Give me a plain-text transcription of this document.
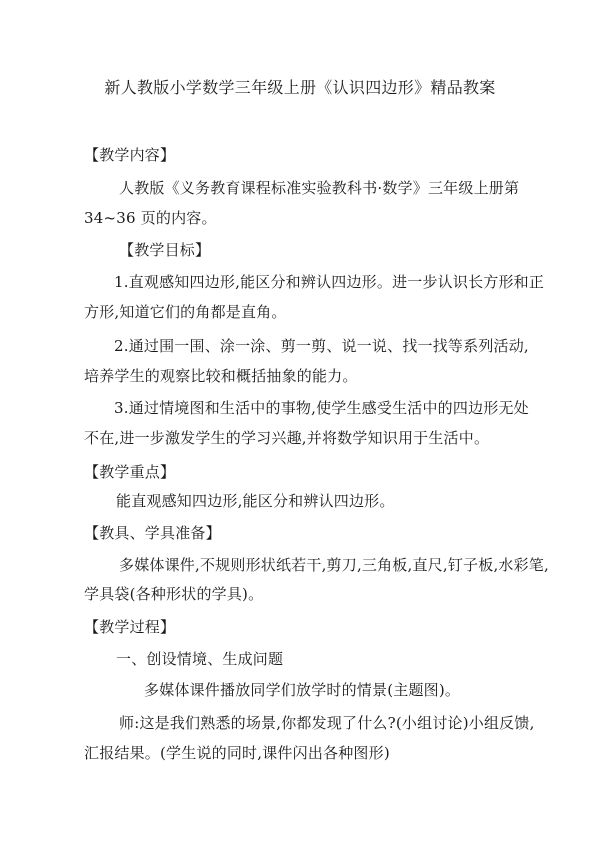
新人教版小学数学三年级上册《认识四边形》精品教案
【教学内容】
人教版《义务教育课程标准实验教科书·数学》三年级上册第
34~36 页的内容。
【教学目标】
1.直观感知四边形,能区分和辨认四边形。进一步认识长方形和正
方形,知道它们的角都是直角。
2.通过围一围、涂一涂、剪一剪、说一说、找一找等系列活动,
培养学生的观察比较和概括抽象的能力。
3.通过情境图和生活中的事物,使学生感受生活中的四边形无处
不在,进一步激发学生的学习兴趣,并将数学知识用于生活中。
【教学重点】
能直观感知四边形,能区分和辨认四边形。
【教具、学具准备】
多媒体课件,不规则形状纸若干,剪刀,三角板,直尺,钉子板,水彩笔,
学具袋(各种形状的学具)。
【教学过程】
一、创设情境、生成问题
多媒体课件播放同学们放学时的情景(主题图)。
师:这是我们熟悉的场景,你都发现了什么?(小组讨论)小组反馈,
汇报结果。(学生说的同时,课件闪出各种图形)
